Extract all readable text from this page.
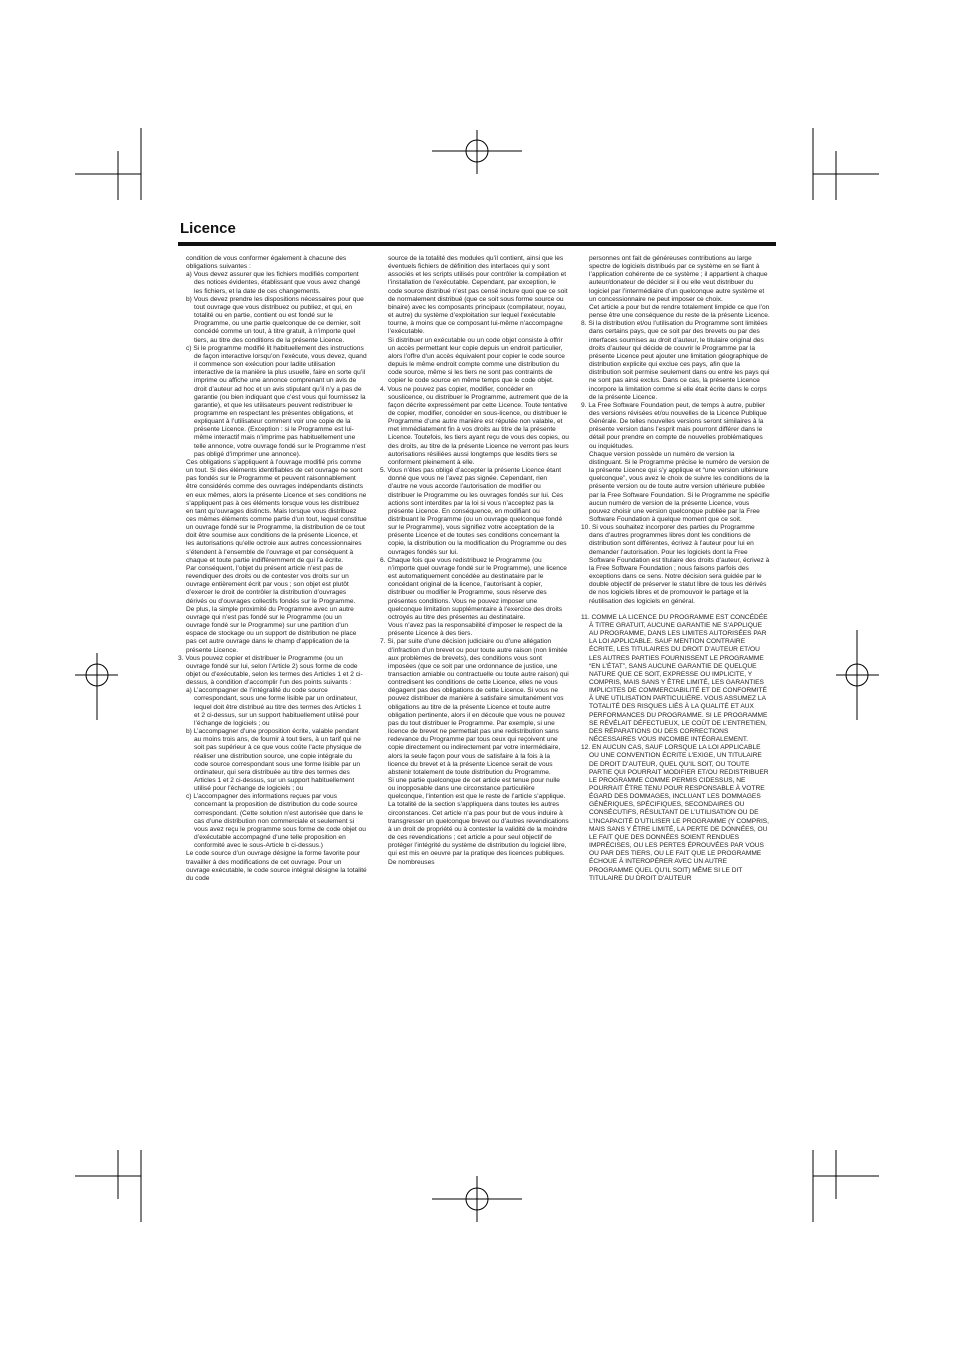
Licence

condition de vous conformer également à chacune des obligations suivantes :

a) Vous devez assurer que les fichiers modifiés comportent des notices évidentes, établissant que vous avez changé les fichiers, et la date de ces changements.

b) Vous devez prendre les dispositions nécessaires pour que tout ouvrage que vous distribuez ou publiez, et qui, en totalité ou en partie, contient ou est fondé sur le Programme, ou une partie quelconque de ce dernier, soit concédé comme un tout, à titre gratuit, à n’importe quel tiers, au titre des conditions de la présente Licence.

c) Si le programme modifié lit habituellement des instructions de façon interactive lorsqu’on l’exécute, vous devez, quand il commence son exécution pour ladite utilisation interactive de la manière la plus usuelle, faire en sorte qu’il imprime ou affiche une annonce comprenant un avis de droit d’auteur ad hoc et un avis stipulant qu’il n’y a pas de garantie (ou bien indiquant que c’est vous qui fournissez la garantie), et que les utilisateurs peuvent redistribuer le programme en respectant les présentes obligations, et expliquant à l’utilisateur comment voir une copie de la présente Licence. (Exception : si le Programme est lui-même interactif mais n’imprime pas habituellement une telle annonce, votre ouvrage fondé sur le Programme n’est pas obligé d’imprimer une annonce).

Ces obligations s’appliquent à l’ouvrage modifié pris comme un tout. Si des éléments identifiables de cet ouvrage ne sont pas fondés sur le Programme et peuvent raisonnablement être considérés comme des ouvrages indépendants distincts en eux mêmes, alors la présente Licence et ses conditions ne s’appliquent pas à ces éléments lorsque vous les distribuez en tant qu’ouvrages distincts. Mais lorsque vous distribuez ces mêmes éléments comme partie d’un tout, lequel constitue un ouvrage fondé sur le Programme, la distribution de ce tout doit être soumise aux conditions de la présente Licence, et les autorisations qu’elle octroie aux autres concessionnaires s’étendent à l’ensemble de l’ouvrage et par conséquent à chaque et toute partie indifféremment de qui l’a écrite.

Par conséquent, l’objet du présent article n’est pas de revendiquer des droits ou de contester vos droits sur un ouvrage entièrement écrit par vous ; son objet est plutôt d’exercer le droit de contrôler la distribution d’ouvrages dérivés ou d’ouvrages collectifs fondés sur le Programme.

De plus, la simple proximité du Programme avec un autre ouvrage qui n’est pas fondé sur le Programme (ou un ouvrage fondé sur le Programme) sur une partition d’un espace de stockage ou un support de distribution ne place pas cet autre ouvrage dans le champ d’application de la présente Licence.

3. Vous pouvez copier et distribuer le Programme (ou un ouvrage fondé sur lui, selon l’Article 2) sous forme de code objet ou d’exécutable, selon les termes des Articles 1 et 2 ci-dessus, à condition d’accomplir l’un des points suivants :

a) L’accompagner de l’intégralité du code source correspondant, sous une forme lisible par un ordinateur, lequel doit être distribué au titre des termes des Articles 1 et 2 ci-dessus, sur un support habituellement utilisé pour l’échange de logiciels ; ou

b) L’accompagner d’une proposition écrite, valable pendant au moins trois ans, de fournir à tout tiers, à un tarif qui ne soit pas supérieur à ce que vous coûte l’acte physique de réaliser une distribution source, une copie intégrale du code source correspondant sous une forme lisible par un ordinateur, qui sera distribuée au titre des termes des Articles 1 et 2 ci-dessus, sur un support habituellement utilisé pour l’échange de logiciels ; ou

c) L’accompagner des informations reçues par vous concernant la proposition de distribution du code source correspondant. (Cette solution n’est autorisée que dans le cas d’une distribution non commerciale et seulement si vous avez reçu le programme sous forme de code objet ou d’exécutable accompagné d’une telle proposition en conformité avec le sous-Article b ci-dessus.)

Le code source d’un ouvrage désigne la forme favorite pour travailler à des modifications de cet ouvrage. Pour un ouvrage exécutable, le code source intégral désigne la totalité du code

source de la totalité des modules qu’il contient, ainsi que les éventuels fichiers de définition des interfaces qui y sont associés et les scripts utilisés pour contrôler la compilation et l’installation de l’exécutable. Cependant, par exception, le code source distribué n’est pas censé inclure quoi que ce soit de normalement distribué (que ce soit sous forme source ou binaire) avec les composants principaux (compilateur, noyau, et autre) du système d’exploitation sur lequel l’exécutable tourne, à moins que ce composant lui-même n’accompagne l’exécutable.

Si distribuer un exécutable ou un code objet consiste à offrir un accès permettant leur copie depuis un endroit particulier, alors l’offre d’un accès équivalent pour copier le code source depuis le même endroit compte comme une distribution du code source, même si les tiers ne sont pas contraints de copier le code source en même temps que le code objet.

4. Vous ne pouvez pas copier, modifier, concéder en souslicence, ou distribuer le Programme, autrement que de la façon décrite expressément par cette Licence. Toute tentative de copier, modifier, concéder en sous-licence, ou distribuer le Programme d’une autre manière est réputée non valable, et met immédiatement fin à vos droits au titre de la présente Licence. Toutefois, les tiers ayant reçu de vous des copies, ou des droits, au titre de la présente Licence ne verront pas leurs autorisations résiliées aussi longtemps que lesdits tiers se conforment pleinement à elle.

5. Vous n’êtes pas obligé d’accepter la présente Licence étant donné que vous ne l’avez pas signée. Cependant, rien d’autre ne vous accorde l’autorisation de modifier ou distribuer le Programme ou les ouvrages fondés sur lui. Ces actions sont interdites par la loi si vous n’acceptez pas la présente Licence. En conséquence, en modifiant ou distribuant le Programme (ou un ouvrage quelconque fondé sur le Programme), vous signifiez votre acceptation de la présente Licence et de toutes ses conditions concernant la copie, la distribution ou la modification du Programme ou des ouvrages fondés sur lui.

6. Chaque fois que vous redistribuez le Programme (ou n’importe quel ouvrage fondé sur le Programme), une licence est automatiquement concédée au destinataire par le concédant original de la licence, l’autorisant à copier, distribuer ou modifier le Programme, sous réserve des présentes conditions. Vous ne pouvez imposer une quelconque limitation supplémentaire à l’exercice des droits octroyés au titre des présentes au destinataire.

Vous n’avez pas la responsabilité d’imposer le respect de la présente Licence à des tiers.

7. Si, par suite d’une décision judiciaire ou d’une allégation d’infraction d’un brevet ou pour toute autre raison (non limitée aux problèmes de brevets), des conditions vous sont imposées (que ce soit par une ordonnance de justice, une transaction amiable ou contractuelle ou toute autre raison) qui contredisent les conditions de cette Licence, elles ne vous dégagent pas des obligations de cette Licence. Si vous ne pouvez distribuer de manière à satisfaire simultanément vos obligations au titre de la présente Licence et toute autre obligation pertinente, alors il en découle que vous ne pouvez pas du tout distribuer le Programme. Par exemple, si une licence de brevet ne permettait pas une redistribution sans redevance du Programme par tous ceux qui reçoivent une copie directement ou indirectement par votre intermédiaire, alors la seule façon pour vous de satisfaire à la fois à la licence du brevet et à la présente Licence serait de vous abstenir totalement de toute distribution du Programme.

Si une partie quelconque de cet article est tenue pour nulle ou inopposable dans une circonstance particulière quelconque, l’intention est que le reste de l’article s’applique.

La totalité de la section s’appliquera dans toutes les autres circonstances. Cet article n’a pas pour but de vous induire à transgresser un quelconque brevet ou d’autres revendications à un droit de propriété ou à contester la validité de la moindre de ces revendications ; cet article a pour seul objectif de protéger l’intégrité du système de distribution du logiciel libre, qui est mis en oeuvre par la pratique des licences publiques. De nombreuses

personnes ont fait de généreuses contributions au large spectre de logiciels distribués par ce système en se fiant à l’application cohérente de ce système ; il appartient à chaque auteur/donateur de décider si il ou elle veut distribuer du logiciel par l’intermédiaire d’un quelconque autre système et un concessionnaire ne peut imposer ce choix.

Cet article a pour but de rendre totalement limpide ce que l’on pense être une conséquence du reste de la présente Licence.

8. Si la distribution et/ou l’utilisation du Programme sont limitées dans certains pays, que ce soit par des brevets ou par des interfaces soumises au droit d’auteur, le titulaire original des droits d’auteur qui décide de couvrir le Programme par la présente Licence peut ajouter une limitation géographique de distribution explicite qui exclue ces pays, afin que la distribution soit permise seulement dans ou entre les pays qui ne sont pas ainsi exclus. Dans ce cas, la présente Licence incorpore la limitation comme si elle était écrite dans le corps de la présente Licence.

9. La Free Software Foundation peut, de temps à autre, publier des versions révisées et/ou nouvelles de la Licence Publique Générale. De telles nouvelles versions seront similaires à la présente version dans l’esprit mais pourront différer dans le détail pour prendre en compte de nouvelles problématiques ou inquiétudes.

Chaque version possède un numéro de version la distinguant. Si le Programme précise le numéro de version de la présente Licence qui s’y applique et “une version ultérieure quelconque”, vous avez le choix de suivre les conditions de la présente version ou de toute autre version ultérieure publiée par la Free Software Foundation. Si le Programme ne spécifie aucun numéro de version de la présente Licence, vous pouvez choisir une version quelconque publiée par la Free Software Foundation à quelque moment que ce soit.

10. Si vous souhaitez incorporer des parties du Programme dans d’autres programmes libres dont les conditions de distribution sont différentes, écrivez à l’auteur pour lui en demander l’autorisation. Pour les logiciels dont la Free Software Foundation est titulaire des droits d’auteur, écrivez à la Free Software Foundation ; nous faisons parfois des exceptions dans ce sens. Notre décision sera guidée par le double objectif de préserver le statut libre de tous les dérivés de nos logiciels libres et de promouvoir le partage et la réutilisation des logiciels en général.

11. COMME LA LICENCE DU PROGRAMME EST CONCÉDÉE À TITRE GRATUIT, AUCUNE GARANTIE NE S’APPLIQUE AU PROGRAMME, DANS LES LIMITES AUTORISÉES PAR LA LOI APPLICABLE. SAUF MENTION CONTRAIRE ÉCRITE, LES TITULAIRES DU DROIT D’AUTEUR ET/OU LES AUTRES PARTIES FOURNISSENT LE PROGRAMME “EN L’ÉTAT”, SANS AUCUNE GARANTIE DE QUELQUE NATURE QUE CE SOIT, EXPRESSE OU IMPLICITE, Y COMPRIS, MAIS SANS Y ÊTRE LIMITÉ, LES GARANTIES IMPLICITES DE COMMERCIABILITÉ ET DE CONFORMITÉ À UNE UTILISATION PARTICULIÈRE. VOUS ASSUMEZ LA TOTALITÉ DES RISQUES LIÉS À LA QUALITÉ ET AUX PERFORMANCES DU PROGRAMME. SI LE PROGRAMME SE RÉVÉLAIT DÉFECTUEUX, LE COÛT DE L’ENTRETIEN, DES RÉPARATIONS OU DES CORRECTIONS NÉCESSAIRES VOUS INCOMBE INTÉGRALEMENT.

12. EN AUCUN CAS, SAUF LORSQUE LA LOI APPLICABLE OU UNE CONVENTION ÉCRITE L’EXIGE, UN TITULAIRE DE DROIT D’AUTEUR, QUEL QU’IL SOIT, OU TOUTE PARTIE QUI POURRAIT MODIFIER ET/OU REDISTRIBUER LE PROGRAMME COMME PERMIS CIDESSUS, NE POURRAIT ÊTRE TENU POUR RESPONSABLE À VOTRE ÉGARD DES DOMMAGES, INCLUANT LES DOMMAGES GÉNÉRIQUES, SPÉCIFIQUES, SECONDAIRES OU CONSÉCUTIFS, RÉSULTANT DE L’UTILISATION OU DE L’INCAPACITÉ D’UTILISER LE PROGRAMME (Y COMPRIS, MAIS SANS Y ÊTRE LIMITÉ, LA PERTE DE DONNÉES, OU LE FAIT QUE DES DONNÉES SOIENT RENDUES IMPRÉCISES, OU LES PERTES ÉPROUVÉES PAR VOUS OU PAR DES TIERS, OU LE FAIT QUE LE PROGRAMME ÉCHOUE À INTEROPÉRER AVEC UN AUTRE PROGRAMME QUEL QU’IL SOIT) MÊME SI LE DIT TITULAIRE DU DROIT D’AUTEUR
